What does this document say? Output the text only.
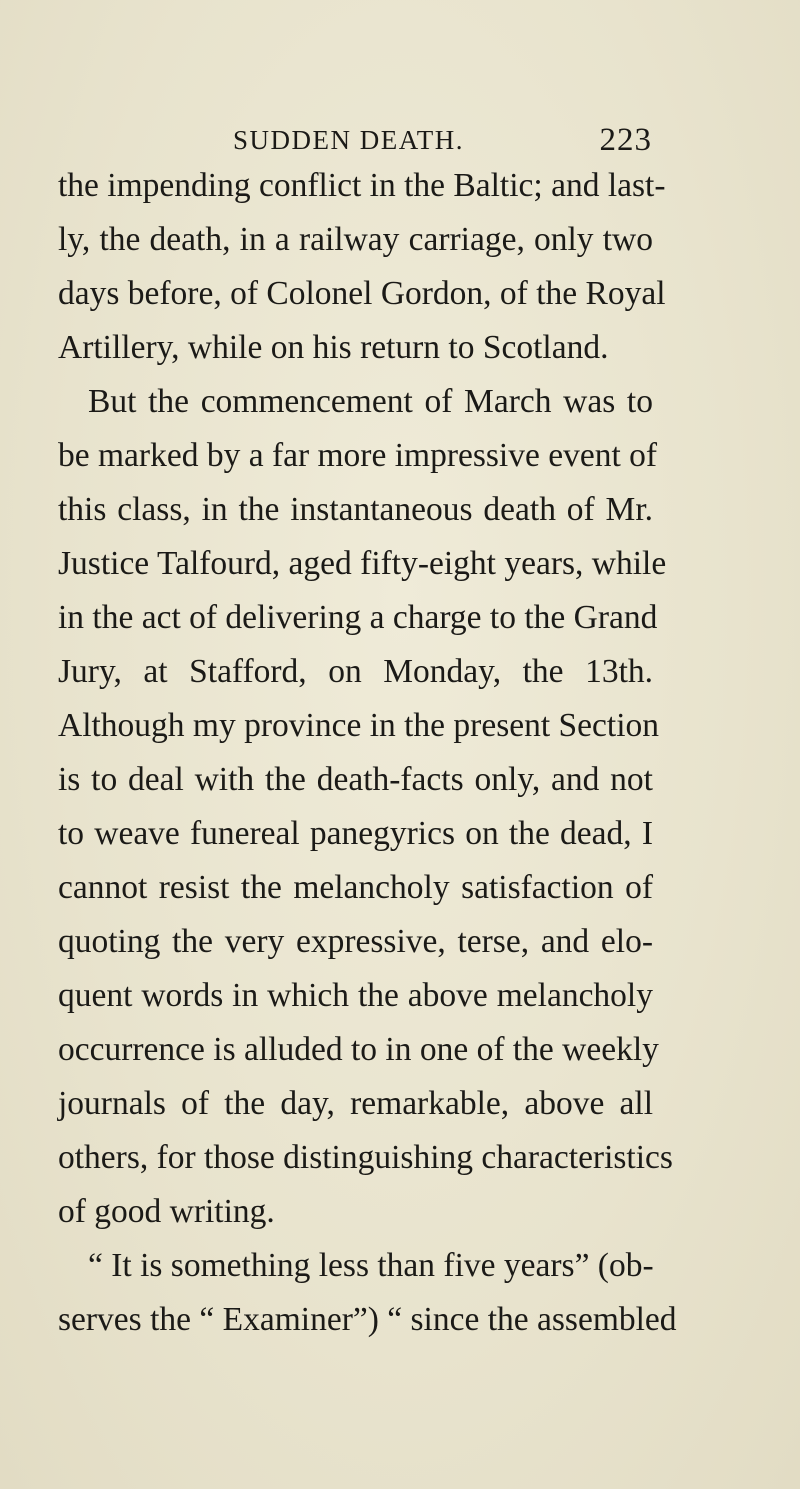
SUDDEN DEATH.	223
the impending conflict in the Baltic; and last-
ly, the death, in a railway carriage, only two
days before, of Colonel Gordon, of the Royal
Artillery, while on his return to Scotland.
But the commencement of March was to
be marked by a far more impressive event of
this class, in the instantaneous death of Mr.
Justice Talfourd, aged fifty-eight years, while
in the act of delivering a charge to the Grand
Jury, at Stafford, on Monday, the 13th.
Although my province in the present Section
is to deal with the death-facts only, and not
to weave funereal panegyrics on the dead, I
cannot resist the melancholy satisfaction of
quoting the very expressive, terse, and elo-
quent words in which the above melancholy
occurrence is alluded to in one of the weekly
journals of the day, remarkable, above all
others, for those distinguishing characteristics
of good writing.
“ It is something less than five years” (ob-
serves the “ Examiner”) “ since the assembled
